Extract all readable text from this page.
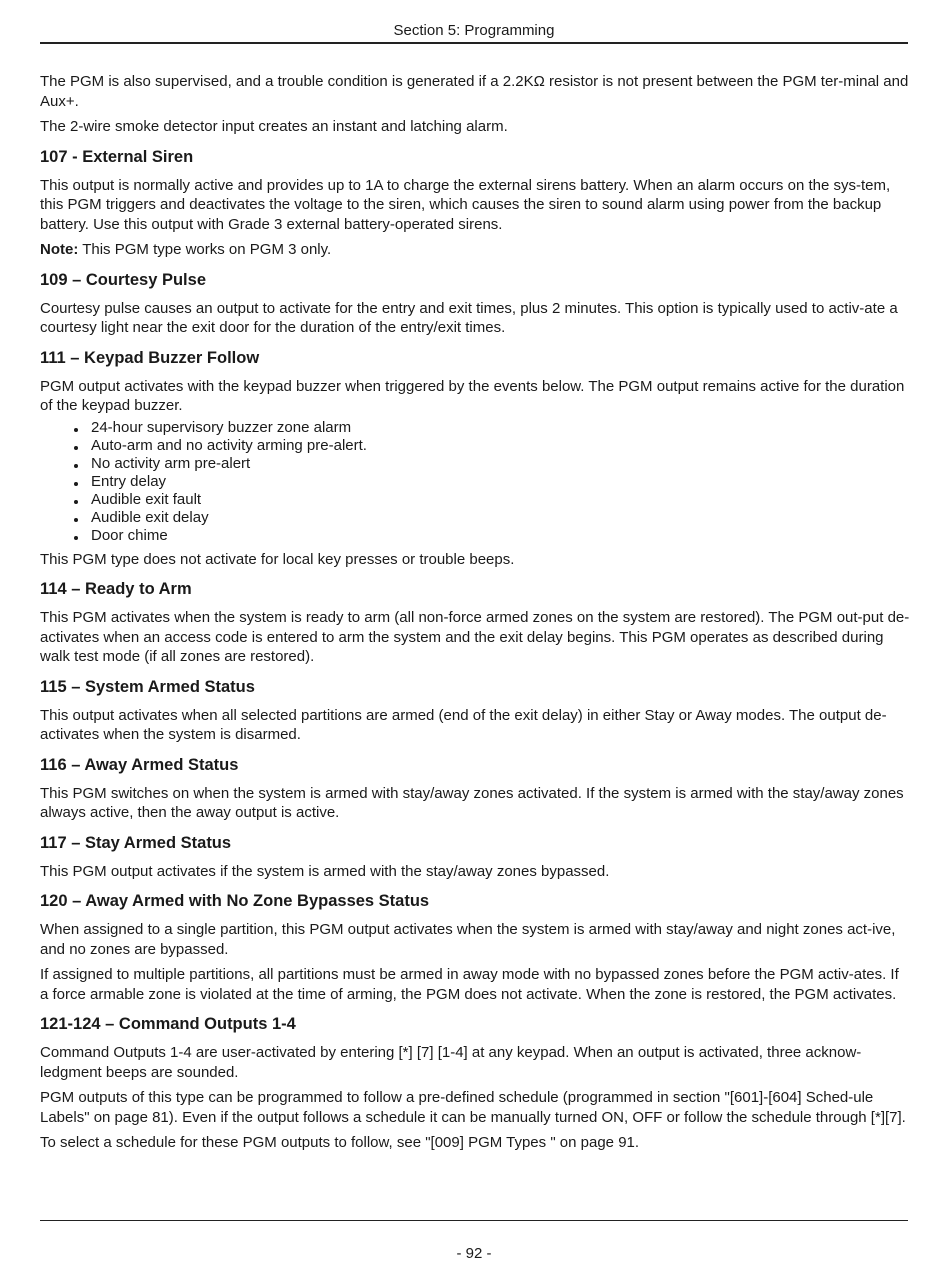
Section 5: Programming

The PGM is also supervised, and a trouble condition is generated if a 2.2KΩ resistor is not present between the PGM ter-minal and Aux+.

The 2-wire smoke detector input creates an instant and latching alarm.

107 - External Siren

This output is normally active and provides up to 1A to charge the external sirens battery. When an alarm occurs on the sys-tem, this PGM triggers and deactivates the voltage to the siren, which causes the siren to sound alarm using power from the backup battery. Use this output with Grade 3 external battery-operated sirens.

Note: This PGM type works on PGM 3 only.

109 – Courtesy Pulse

Courtesy pulse causes an output to activate for the entry and exit times, plus 2 minutes. This option is typically used to activ-ate a courtesy light near the exit door for the duration of the entry/exit times.

111 – Keypad Buzzer Follow

PGM output activates with the keypad buzzer when triggered by the events below. The PGM output remains active for the duration of the keypad buzzer.

24-hour supervisory buzzer zone alarm
Auto-arm and no activity arming pre-alert.
No activity arm pre-alert
Entry delay
Audible exit fault
Audible exit delay
Door chime

This PGM type does not activate for local key presses or trouble beeps.

114 – Ready to Arm

This PGM activates when the system is ready to arm (all non-force armed zones on the system are restored). The PGM out-put de-activates when an access code is entered to arm the system and the exit delay begins. This PGM operates as described during walk test mode (if all zones are restored).

115 – System Armed Status

This output activates when all selected partitions are armed (end of the exit delay) in either Stay or Away modes. The output de-activates when the system is disarmed.

116 – Away Armed Status

This PGM switches on when the system is armed with stay/away zones activated. If the system is armed with the stay/away zones always active, then the away output is active.

117 – Stay Armed Status

This PGM output activates if the system is armed with the stay/away zones bypassed.

120 – Away Armed with No Zone Bypasses Status

When assigned to a single partition, this PGM output activates when the system is armed with stay/away and night zones act-ive, and no zones are bypassed.

If assigned to multiple partitions, all partitions must be armed in away mode with no bypassed zones before the PGM activ-ates. If a force armable zone is violated at the time of arming, the PGM does not activate. When the zone is restored, the PGM activates.

121-124 – Command Outputs 1-4

Command Outputs 1-4 are user-activated by entering [*] [7] [1-4] at any keypad. When an output is activated, three acknow-ledgment beeps are sounded.

PGM outputs of this type can be programmed to follow a pre-defined schedule (programmed in section "[601]-[604] Sched-ule Labels" on page 81). Even if the output follows a schedule it can be manually turned ON, OFF or follow the schedule through [*][7].

To select a schedule for these PGM outputs to follow, see "[009] PGM Types " on page 91.

- 92 -
